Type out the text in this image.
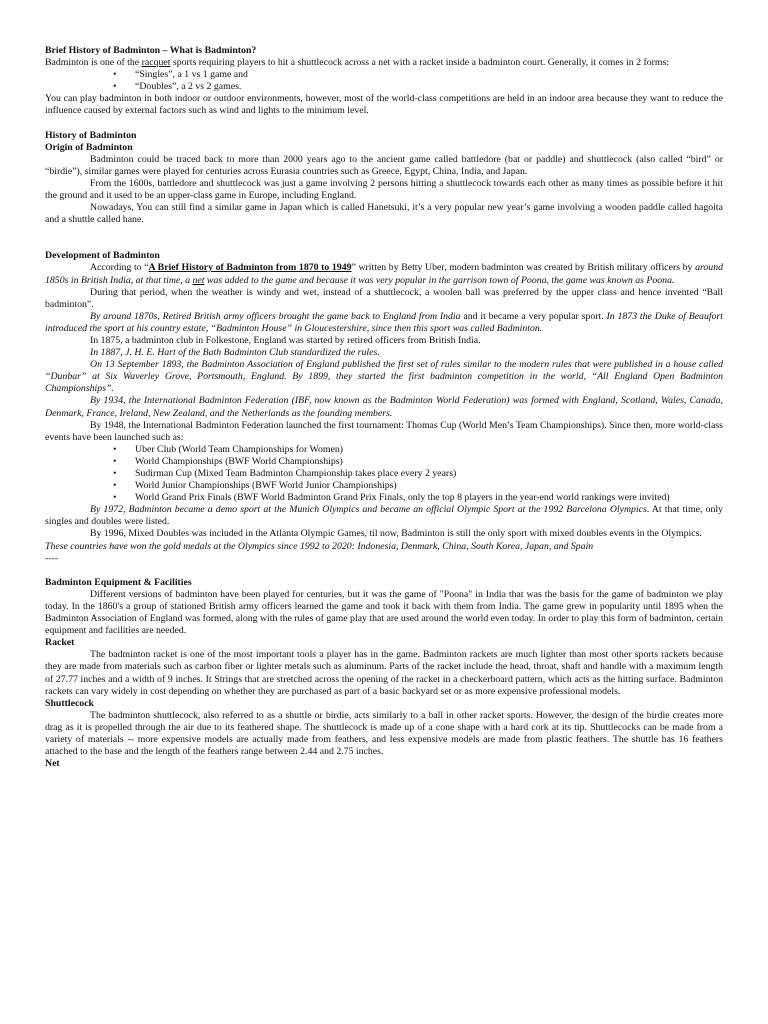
Brief History of Badminton – What is Badminton?

Badminton is one of the racquet sports requiring players to hit a shuttlecock across a net with a racket inside a badminton court. Generally, it comes in 2 forms:

• “Singles”, a 1 vs 1 game and
• “Doubles”, a 2 vs 2 games.

You can play badminton in both indoor or outdoor environments, however, most of the world-class competitions are held in an indoor area because they want to reduce the influence caused by external factors such as wind and lights to the minimum level.

History of Badminton
Origin of Badminton

Badminton could be traced back to more than 2000 years ago to the ancient game called battledore (bat or paddle) and shuttlecock (also called “bird” or “birdie”), similar games were played for centuries across Eurasia countries such as Greece, Egypt, China, India, and Japan.

From the 1600s, battledore and shuttlecock was just a game involving 2 persons hitting a shuttlecock towards each other as many times as possible before it hit the ground and it used to be an upper-class game in Europe, including England.

Nowadays, You can still find a similar game in Japan which is called Hanetsuki, it’s a very popular new year’s game involving a wooden paddle called hagoita and a shuttle called hane.

Development of Badminton

According to “A Brief History of Badminton from 1870 to 1949” written by Betty Uber, modern badminton was created by British military officers by around 1850s in British India, at that time, a net was added to the game and because it was very popular in the garrison town of Poona, the game was known as Poona.

During that period, when the weather is windy and wet, instead of a shuttlecock, a woolen ball was preferred by the upper class and hence invented “Ball badminton”.

By around 1870s, Retired British army officers brought the game back to England from India and it became a very popular sport. In 1873 the Duke of Beaufort introduced the sport at his country estate, “Badminton House” in Gloucestershire, since then this sport was called Badminton.

In 1875, a badminton club in Folkestone, England was started by retired officers from British India.

In 1887, J. H. E. Hart of the Bath Badminton Club standardized the rules.

On 13 September 1893, the Badminton Association of England published the first set of rules similar to the modern rules that were published in a house called “Dunbar” at Six Waverley Grove, Portsmouth, England. By 1899, they started the first badminton competition in the world, “All England Open Badminton Championships”.

By 1934, the International Badminton Federation (IBF, now known as the Badminton World Federation) was formed with England, Scotland, Wales, Canada, Denmark, France, Ireland, New Zealand, and the Netherlands as the founding members.

By 1948, the International Badminton Federation launched the first tournament: Thomas Cup (World Men’s Team Championships). Since then, more world-class events have been launched such as:

• Uber Club (World Team Championships for Women)
• World Championships (BWF World Championships)
• Sudirman Cup (Mixed Team Badminton Championship takes place every 2 years)
• World Junior Championships (BWF World Junior Championships)
• World Grand Prix Finals (BWF World Badminton Grand Prix Finals, only the top 8 players in the year-end world rankings were invited)

By 1972, Badminton became a demo sport at the Munich Olympics and became an official Olympic Sport at the 1992 Barcelona Olympics. At that time, only singles and doubles were listed.

By 1996, Mixed Doubles was included in the Atlanta Olympic Games, til now, Badminton is still the only sport with mixed doubles events in the Olympics.

These countries have won the gold medals at the Olympics since 1992 to 2020: Indonesia, Denmark, China, South Korea, Japan, and Spain

----

Badminton Equipment & Facilities

Different versions of badminton have been played for centuries, but it was the game of "Poona" in India that was the basis for the game of badminton we play today. In the 1860's a group of stationed British army officers learned the game and took it back with them from India. The game grew in popularity until 1895 when the Badminton Association of England was formed, along with the rules of game play that are used around the world even today. In order to play this form of badminton, certain equipment and facilities are needed.

Racket

The badminton racket is one of the most important tools a player has in the game. Badminton rackets are much lighter than most other sports rackets because they are made from materials such as carbon fiber or lighter metals such as aluminum. Parts of the racket include the head, throat, shaft and handle with a maximum length of 27.77 inches and a width of 9 inches. It Strings that are stretched across the opening of the racket in a checkerboard pattern, which acts as the hitting surface. Badminton rackets can vary widely in cost depending on whether they are purchased as part of a basic backyard set or as more expensive professional models.

Shuttlecock

The badminton shuttlecock, also referred to as a shuttle or birdie, acts similarly to a ball in other racket sports. However, the design of the birdie creates more drag as it is propelled through the air due to its feathered shape. The shuttlecock is made up of a cone shape with a hard cork at its tip. Shuttlecocks can be made from a variety of materials -- more expensive models are actually made from feathers, and less expensive models are made from plastic feathers. The shuttle has 16 feathers attached to the base and the length of the feathers range between 2.44 and 2.75 inches.

Net
